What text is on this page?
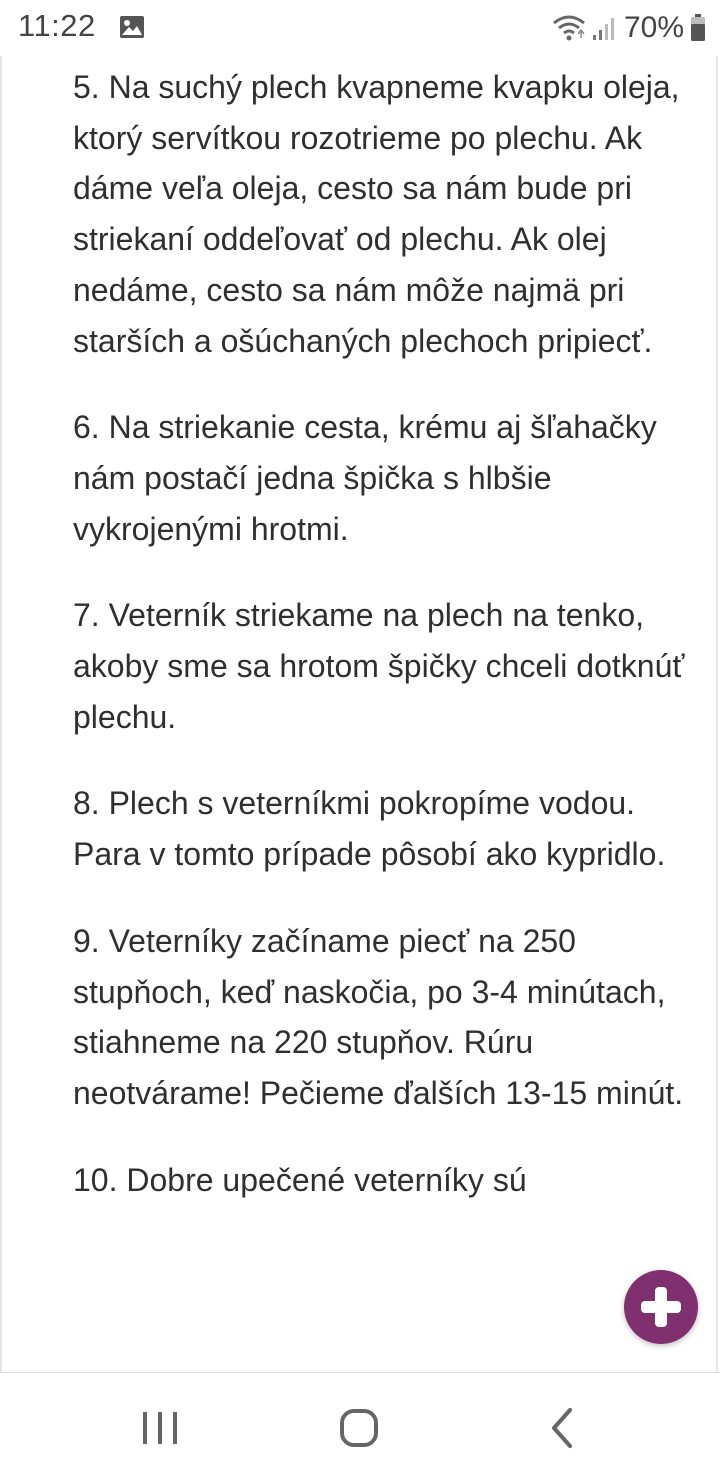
11:22	70%
5. Na suchý plech kvapneme kvapku oleja, ktorý servítkou rozotrieme po plechu. Ak dáme veľa oleja, cesto sa nám bude pri striekaní oddeľovať od plechu. Ak olej nedáme, cesto sa nám môže najmä pri starších a ošúchaných plechoch pripiecť.
6. Na striekanie cesta, krému aj šľahačky nám postačí jedna špička s hlbšie vykrojenými hrotmi.
7. Veterník striekame na plech na tenko, akoby sme sa hrotom špičky chceli dotknúť plechu.
8. Plech s veterníkmi pokropíme vodou. Para v tomto prípade pôsobí ako kypridlo.
9. Veterníky začíname piecť na 250 stupňoch, keď naskočia, po 3-4 minútach, stiahneme na 220 stupňov. Rúru neotvárame! Pečieme ďalších 13-15 minút.
10. Dobre upečené veterníky sú
